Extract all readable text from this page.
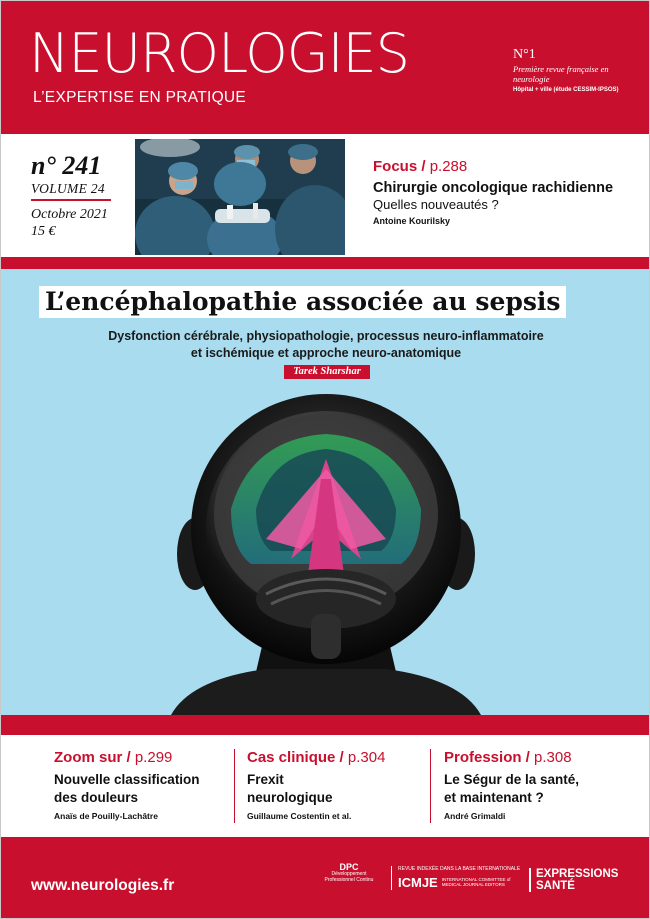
NEUROLOGIES
L’EXPERTISE EN PRATIQUE
N°1
Première revue française en neurologie
Hôpital + ville (étude CESSIM-IPSOS)
n° 241
VOLUME 24
Octobre 2021
15 €
Focus / p.288
Chirurgie oncologique rachidienne
Quelles nouveautés ?
Antoine Kourilsky
L’encéphalopathie associée au sepsis
Dysfonction cérébrale, physiopathologie, processus neuro-inflammatoire
et ischémique et approche neuro-anatomique
Tarek Sharshar
Zoom sur / p.299
Nouvelle classification
des douleurs
Anaïs de Pouilly-Lachâtre
Cas clinique / p.304
Frexit
neurologique
Guillaume Costentin et al.
Profession / p.308
Le Ségur de la santé,
et maintenant ?
André Grimaldi
www.neurologies.fr
DPC
Développement Professionnel Continu
REVUE INDEXÉE DANS LA BASE INTERNATIONALE
ICMJE INTERNATIONAL COMMITTEE of MEDICAL JOURNAL EDITORS
EXPRESSIONS
SANTÉ
